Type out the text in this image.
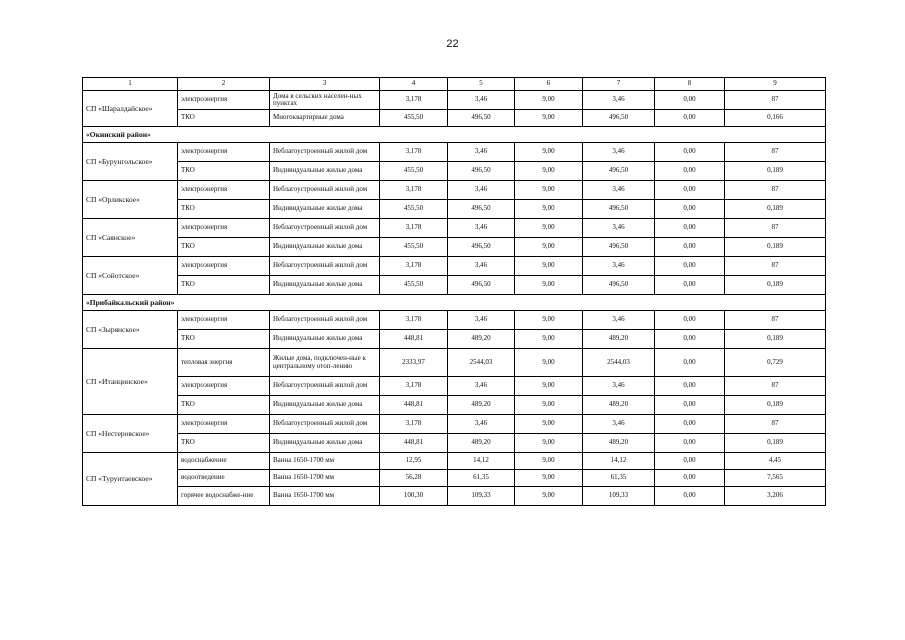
22
1	2	3	4	5	6	7	8	9
СП «Шаралдайское»	электроэнергия	Дома в сельских населен-ных пунктах	3,178	3,46	9,00	3,46	0,00	87
	ТКО	Многоквартирные дома	455,50	496,50	9,00	496,50	0,00	0,166
«Окинский район»								
СП «Бурунгольское»	электроэнергия	Неблагоустроенный жилой дом	3,178	3,46	9,00	3,46	0,00	87
	ТКО	Индивидуальные жилые дома	455,50	496,50	9,00	496,50	0,00	0,189
СП «Орликское»	электроэнергия	Неблагоустроенный жилой дом	3,178	3,46	9,00	3,46	0,00	87
	ТКО	Индивидуальные жилые дома	455,50	496,50	9,00	496,50	0,00	0,189
СП «Саянское»	электроэнергия	Неблагоустроенный жилой дом	3,178	3,46	9,00	3,46	0,00	87
	ТКО	Индивидуальные жилые дома	455,50	496,50	9,00	496,50	0,00	0,189
СП «Сойотское»	электроэнергия	Неблагоустроенный жилой дом	3,178	3,46	9,00	3,46	0,00	87
	ТКО	Индивидуальные жилые дома	455,50	496,50	9,00	496,50	0,00	0,189
«Прибайкальский район»								
СП «Зырянское»	электроэнергия	Неблагоустроенный жилой дом	3,178	3,46	9,00	3,46	0,00	87
	ТКО	Индивидуальные жилые дома	448,81	489,20	9,00	489,20	0,00	0,189
СП «Итанцинское»	тепловая энергия	Жилые дома, подключен-ные к центральному отоп-лению	2333,97	2544,03	9,00	2544,03	0,00	0,729
	электроэнергия	Неблагоустроенный жилой дом	3,178	3,46	9,00	3,46	0,00	87
	ТКО	Индивидуальные жилые дома	448,81	489,20	9,00	489,20	0,00	0,189
СП «Нестеровское»	электроэнергия	Неблагоустроенный жилой дом	3,178	3,46	9,00	3,46	0,00	87
	ТКО	Индивидуальные жилые дома	448,81	489,20	9,00	489,20	0,00	0,189
СП «Турунтаевское»	водоснабжение	Ванна 1650-1700 мм	12,95	14,12	9,00	14,12	0,00	4,45
	водоотведение	Ванна 1650-1700 мм	56,28	61,35	9,00	61,35	0,00	7,565
	горячее водоснабже-ние	Ванна 1650-1700 мм	100,30	109,33	9,00	109,33	0,00	3,206
